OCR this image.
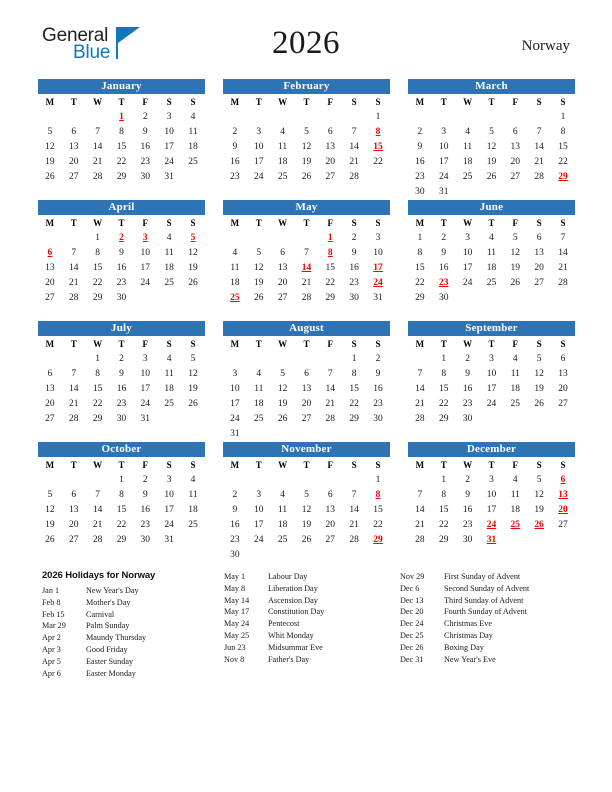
General
Blue	2026	Norway
January
M	T	W	T	F	S	S
			1	2	3	4
5	6	7	8	9	10	11
12	13	14	15	16	17	18
19	20	21	22	23	24	25
26	27	28	29	30	31	

February
M	T	W	T	F	S	S
						1
2	3	4	5	6	7	8
9	10	11	12	13	14	15
16	17	18	19	20	21	22
23	24	25	26	27	28	

March
M	T	W	T	F	S	S
						1
2	3	4	5	6	7	8
9	10	11	12	13	14	15
16	17	18	19	20	21	22
23	24	25	26	27	28	29
30	31					
April
M	T	W	T	F	S	S
		1	2	3	4	5
6	7	8	9	10	11	12
13	14	15	16	17	18	19
20	21	22	23	24	25	26
27	28	29	30			

May
M	T	W	T	F	S	S
				1	2	3
4	5	6	7	8	9	10
11	12	13	14	15	16	17
18	19	20	21	22	23	24
25	26	27	28	29	30	31

June
M	T	W	T	F	S	S
1	2	3	4	5	6	7
8	9	10	11	12	13	14
15	16	17	18	19	20	21
22	23	24	25	26	27	28
29	30					

July
M	T	W	T	F	S	S
		1	2	3	4	5
6	7	8	9	10	11	12
13	14	15	16	17	18	19
20	21	22	23	24	25	26
27	28	29	30	31		

August
M	T	W	T	F	S	S
					1	2
3	4	5	6	7	8	9
10	11	12	13	14	15	16
17	18	19	20	21	22	23
24	25	26	27	28	29	30
31						
September
M	T	W	T	F	S	S
	1	2	3	4	5	6
7	8	9	10	11	12	13
14	15	16	17	18	19	20
21	22	23	24	25	26	27
28	29	30				

October
M	T	W	T	F	S	S
			1	2	3	4
5	6	7	8	9	10	11
12	13	14	15	16	17	18
19	20	21	22	23	24	25
26	27	28	29	30	31	

November
M	T	W	T	F	S	S
						1
2	3	4	5	6	7	8
9	10	11	12	13	14	15
16	17	18	19	20	21	22
23	24	25	26	27	28	29
30						
December
M	T	W	T	F	S	S
	1	2	3	4	5	6
7	8	9	10	11	12	13
14	15	16	17	18	19	20
21	22	23	24	25	26	27
28	29	30	31			

2026 Holidays for Norway
Jan 1	New Year's Day
Feb 8	Mother's Day
Feb 15	Carnival
Mar 29	Palm Sunday
Apr 2	Maundy Thursday
Apr 3	Good Friday
Apr 5	Easter Sunday
Apr 6	Easter Monday
May 1	Labour Day
May 8	Liberation Day
May 14	Ascension Day
May 17	Constitution Day
May 24	Pentecost
May 25	Whit Monday
Jun 23	Midsummar Eve
Nov 8	Father's Day
Nov 29	First Sunday of Advent
Dec 6	Second Sunday of Advent
Dec 13	Third Sunday of Advent
Dec 20	Fourth Sunday of Advent
Dec 24	Christmas Eve
Dec 25	Christmas Day
Dec 26	Boxing Day
Dec 31	New Year's Eve
